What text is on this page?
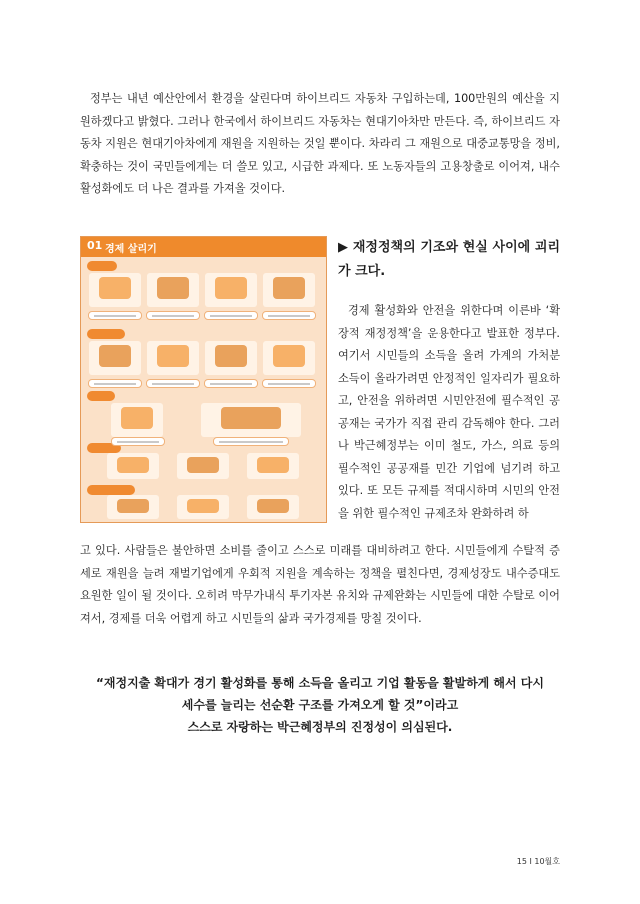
정부는 내년 예산안에서 환경을 살린다며 하이브리드 자동차 구입하는데, 100만원의 예산을 지원하겠다고 밝혔다. 그러나 한국에서 하이브리드 자동차는 현대기아차만 만든다. 즉, 하이브리드 자동차 지원은 현대기아차에게 재원을 지원하는 것일 뿐이다. 차라리 그 재원으로 대중교통망을 정비, 확충하는 것이 국민들에게는 더 쓸모 있고, 시급한 과제다. 또 노동자들의 고용창출로 이어져, 내수 활성화에도 더 나은 결과를 가져올 것이다.

01 경제 살리기	▶ 재정정책의 기조와 현실 사이에 괴리가 크다.

경제 활성화와 안전을 위한다며 이른바 ‘확장적 재정정책’을 운용한다고 발표한 정부다. 여기서 시민들의 소득을 올려 가계의 가처분 소득이 올라가려면 안정적인 일자리가 필요하고, 안전을 위하려면 시민안전에 필수적인 공공재는 국가가 직접 관리 감독해야 한다. 그러나 박근혜정부는 이미 철도, 가스, 의료 등의 필수적인 공공재를 민간 기업에 넘기려 하고 있다. 또 모든 규제를 적대시하며 시민의 안전을 위한 필수적인 규제조차 완화하려 하

고 있다. 사람들은 불안하면 소비를 줄이고 스스로 미래를 대비하려고 한다. 시민들에게 수탈적 증세로 재원을 늘려 재벌기업에게 우회적 지원을 계속하는 정책을 펼친다면, 경제성장도 내수증대도 요원한 일이 될 것이다. 오히려 막무가내식 투기자본 유치와 규제완화는 시민들에 대한 수탈로 이어져서, 경제를 더욱 어렵게 하고 시민들의 삶과 국가경제를 망칠 것이다.

“재정지출 확대가 경기 활성화를 통해 소득을 올리고 기업 활동을 활발하게 해서 다시
세수를 늘리는 선순환 구조를 가져오게 할 것”이라고
스스로 자랑하는 박근혜정부의 진정성이 의심된다.
15 I 10월호
